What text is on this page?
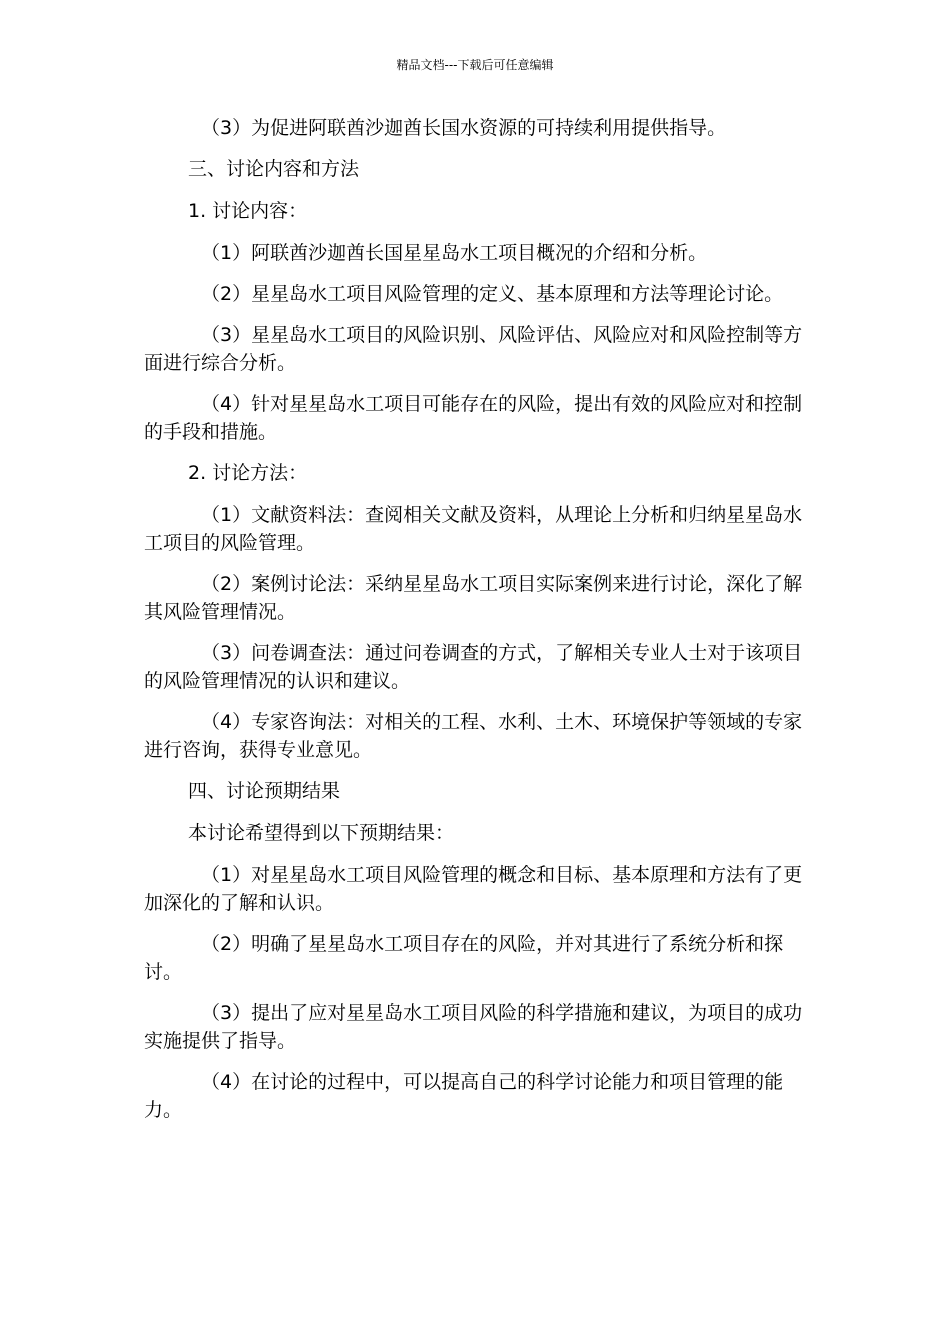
精品文档---下载后可任意编辑

（3）为促进阿联酋沙迦酋长国水资源的可持续利用提供指导。

三、讨论内容和方法

1. 讨论内容：

（1）阿联酋沙迦酋长国星星岛水工项目概况的介绍和分析。

（2）星星岛水工项目风险管理的定义、基本原理和方法等理论讨论。

（3）星星岛水工项目的风险识别、风险评估、风险应对和风险控制等方面进行综合分析。

（4）针对星星岛水工项目可能存在的风险，提出有效的风险应对和控制的手段和措施。

2. 讨论方法：

（1）文献资料法：查阅相关文献及资料，从理论上分析和归纳星星岛水工项目的风险管理。

（2）案例讨论法：采纳星星岛水工项目实际案例来进行讨论，深化了解其风险管理情况。

（3）问卷调查法：通过问卷调查的方式，了解相关专业人士对于该项目的风险管理情况的认识和建议。

（4）专家咨询法：对相关的工程、水利、土木、环境保护等领域的专家进行咨询，获得专业意见。

四、讨论预期结果

本讨论希望得到以下预期结果：

（1）对星星岛水工项目风险管理的概念和目标、基本原理和方法有了更加深化的了解和认识。

（2）明确了星星岛水工项目存在的风险，并对其进行了系统分析和探讨。

（3）提出了应对星星岛水工项目风险的科学措施和建议，为项目的成功实施提供了指导。

（4）在讨论的过程中，可以提高自己的科学讨论能力和项目管理的能力。
